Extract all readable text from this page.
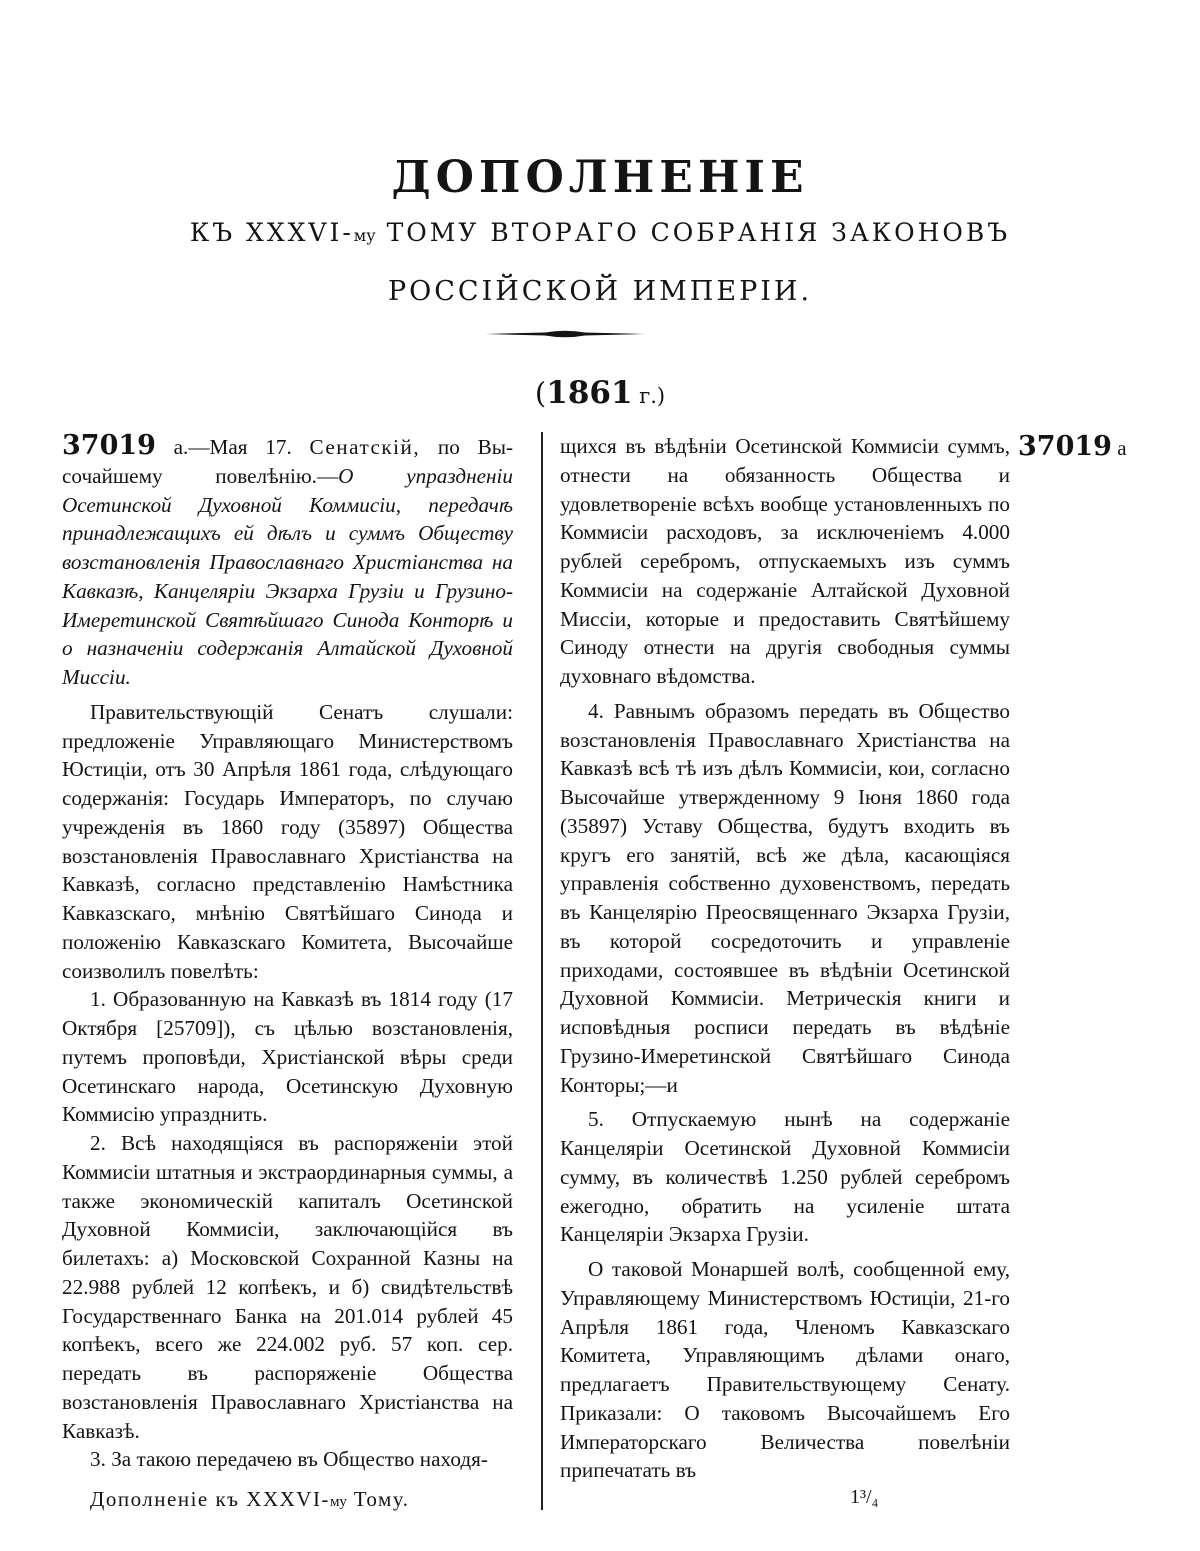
ДОПОЛНЕНІЕ
КЪ XXXVI-му ТОМУ ВТОРАГО СОБРАНІЯ ЗАКОНОВЪ
РОССІЙСКОЙ ИМПЕРІИ.
(1861 г.)

37019 а.—Мая 17. Сенатскій, по Вы-сочайшему повелѣнію.—О упраздненіи Осетинской Духовной Коммисіи, передачѣ принадлежащихъ ей дѣлъ и суммъ Обществу возстановленія Православнаго Христіанства на Кавказѣ, Канцеляріи Экзарха Грузіи и Грузино-Имеретинской Святѣйшаго Синода Конторѣ и о назначеніи содержанія Алтайской Духовной Миссіи.

Правительствующій Сенатъ слушали: предложеніе Управляющаго Министерствомъ Юстиціи, отъ 30 Апрѣля 1861 года, слѣдующаго содержанія: Государь Императоръ, по случаю учрежденія въ 1860 году (35897) Общества возстановленія Православнаго Христіанства на Кавказѣ, согласно представленію Намѣстника Кавказскаго, мнѣнію Святѣйшаго Синода и положенію Кавказскаго Комитета, Высочайше соизволилъ повелѣть:

1. Образованную на Кавказѣ въ 1814 году (17 Октября [25709]), съ цѣлью возстановленія, путемъ проповѣди, Христіанской вѣры среди Осетинскаго народа, Осетинскую Духовную Коммисію упразднить.

2. Всѣ находящіяся въ распоряженіи этой Коммисіи штатныя и экстраординарныя суммы, а также экономическій капиталъ Осетинской Духовной Коммисіи, заключающійся въ билетахъ: а) Московской Сохранной Казны на 22.988 рублей 12 копѣекъ, и б) свидѣтельствѣ Государственнаго Банка на 201.014 рублей 45 копѣекъ, всего же 224.002 руб. 57 коп. сер. передать въ распоряженіе Общества возстановленія Православнаго Христіанства на Кавказѣ.

3. За такою передачею въ Общество находя-

щихся въ вѣдѣніи Осетинской Коммисіи суммъ, отнести на обязанность Общества и удовлетвореніе всѣхъ вообще установленныхъ по Коммисіи расходовъ, за исключеніемъ 4.000 рублей серебромъ, отпускаемыхъ изъ суммъ Коммисіи на содержаніе Алтайской Духовной Миссіи, которые и предоставить Святѣйшему Синоду отнести на другія свободныя суммы духовнаго вѣдомства.

4. Равнымъ образомъ передать въ Общество возстановленія Православнаго Христіанства на Кавказѣ всѣ тѣ изъ дѣлъ Коммисіи, кои, согласно Высочайше утвержденному 9 Іюня 1860 года (35897) Уставу Общества, будутъ входить въ кругъ его занятій, всѣ же дѣла, касающіяся управленія собственно духовенствомъ, передать въ Канцелярію Преосвященнаго Экзарха Грузіи, въ которой сосредоточить и управленіе приходами, состоявшее въ вѣдѣніи Осетинской Духовной Коммисіи. Метрическія книги и исповѣдныя росписи передать въ вѣдѣніе Грузино-Имеретинской Святѣйшаго Синода Конторы;—и

5. Отпускаемую нынѣ на содержаніе Канцеляріи Осетинской Духовной Коммисіи сумму, въ количествѣ 1.250 рублей серебромъ ежегодно, обратить на усиленіе штата Канцеляріи Экзарха Грузіи.

О таковой Монаршей волѣ, сообщенной ему, Управляющему Министерствомъ Юстиціи, 21-го Апрѣля 1861 года, Членомъ Кавказскаго Комитета, Управляющимъ дѣлами онаго, предлагаетъ Правительствующему Сенату. Приказали: О таковомъ Высочайшемъ Его Императорскаго Величества повелѣніи припечатать въ

37019 а
Дополненіе къ XXXVI-му Тому.	1³/₄
